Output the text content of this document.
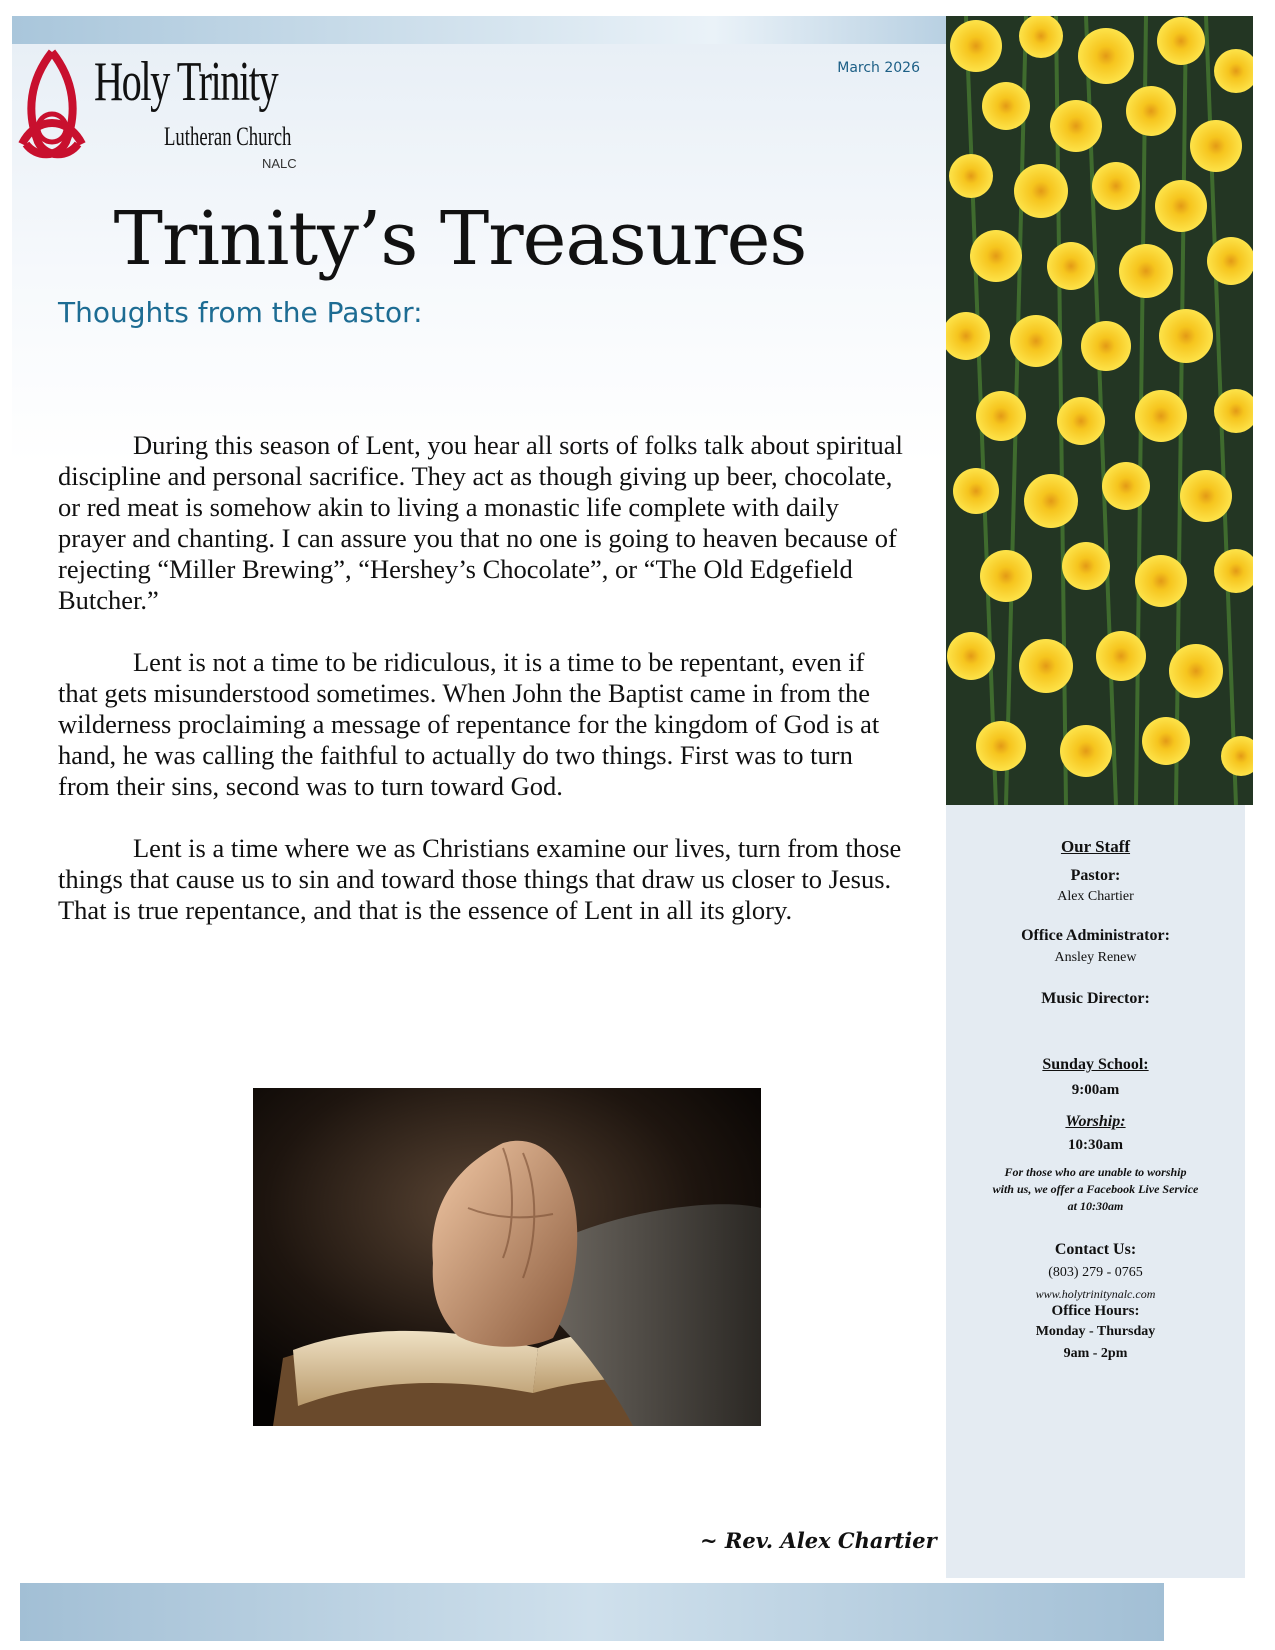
Holy Trinity
Lutheran Church
NALC
March 2026
Trinity’s Treasures
Thoughts from the Pastor:

During this season of Lent, you hear all sorts of folks talk about spiritual discipline and personal sacrifice. They act as though giving up beer, chocolate, or red meat is somehow akin to living a monastic life complete with daily prayer and chanting. I can assure you that no one is going to heaven because of rejecting “Miller Brewing”, “Hershey’s Chocolate”, or “The Old Edgefield Butcher.”

Lent is not a time to be ridiculous, it is a time to be repentant, even if that gets misunderstood sometimes. When John the Baptist came in from the wilderness proclaiming a message of repentance for the kingdom of God is at hand, he was calling the faithful to actually do two things. First was to turn from their sins, second was to turn toward God.

Lent is a time where we as Christians examine our lives, turn from those things that cause us to sin and toward those things that draw us closer to Jesus. That is true repentance, and that is the essence of Lent in all its glory.

~ Rev. Alex Chartier
Our Staff
Pastor:
Alex Chartier
Office Administrator:
Ansley Renew
Music Director:
Sunday School:
9:00am
Worship:
10:30am
For those who are unable to worship
with us, we offer a Facebook Live Service
at 10:30am
Contact Us:
(803) 279 - 0765
www.holytrinitynalc.com
Office Hours:
Monday - Thursday
9am - 2pm
